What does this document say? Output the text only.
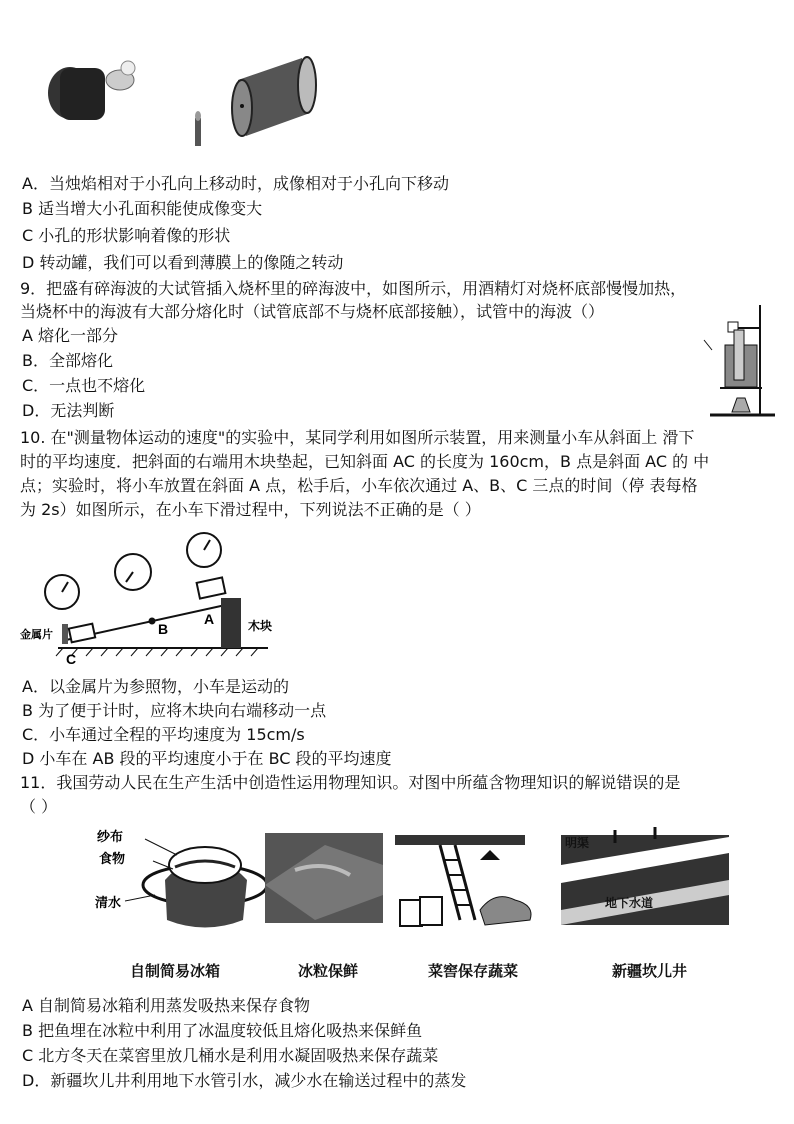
A．当烛焰相对于小孔向上移动时，成像相对于小孔向下移动
B 适当增大小孔面积能使成像变大
C 小孔的形状影响着像的形状
D 转动罐，我们可以看到薄膜上的像随之转动
9．把盛有碎海波的大试管插入烧杯里的碎海波中，如图所示，用酒精灯对烧杯底部慢慢加热，
当烧杯中的海波有大部分熔化时（试管底部不与烧杯底部接触），试管中的海波（）
A 熔化一部分
B．全部熔化
C．一点也不熔化
D．无法判断
10. 在"测量物体运动的速度"的实验中，某同学利用如图所示装置，用来测量小车从斜面上 滑下
时的平均速度．把斜面的右端用木块垫起，已知斜面 AC 的长度为 160cm，B 点是斜面 AC 的 中
点；实验时，将小车放置在斜面 A 点，松手后，小车依次通过 A、B、C 三点的时间（停 表每格
为 2s）如图所示，在小车下滑过程中，下列说法不正确的是（ ）
B
A
C
金属片
木块
A．以金属片为参照物，小车是运动的
B 为了便于计时，应将木块向右端移动一点
C．小车通过全程的平均速度为 15cm/s
D 小车在 AB 段的平均速度小于在 BC 段的平均速度
11．我国劳动人民在生产生活中创造性运用物理知识。对图中所蕴含物理知识的解说错误的是
（ ）
纱布
食物
清水
明渠
地下水道
自制简易冰箱	冰粒保鲜	菜窖保存蔬菜	新疆坎儿井
A 自制简易冰箱利用蒸发吸热来保存食物
B 把鱼埋在冰粒中利用了冰温度较低且熔化吸热来保鲜鱼
C 北方冬天在菜窖里放几桶水是利用水凝固吸热来保存蔬菜
D．新疆坎儿井利用地下水管引水，减少水在输送过程中的蒸发
